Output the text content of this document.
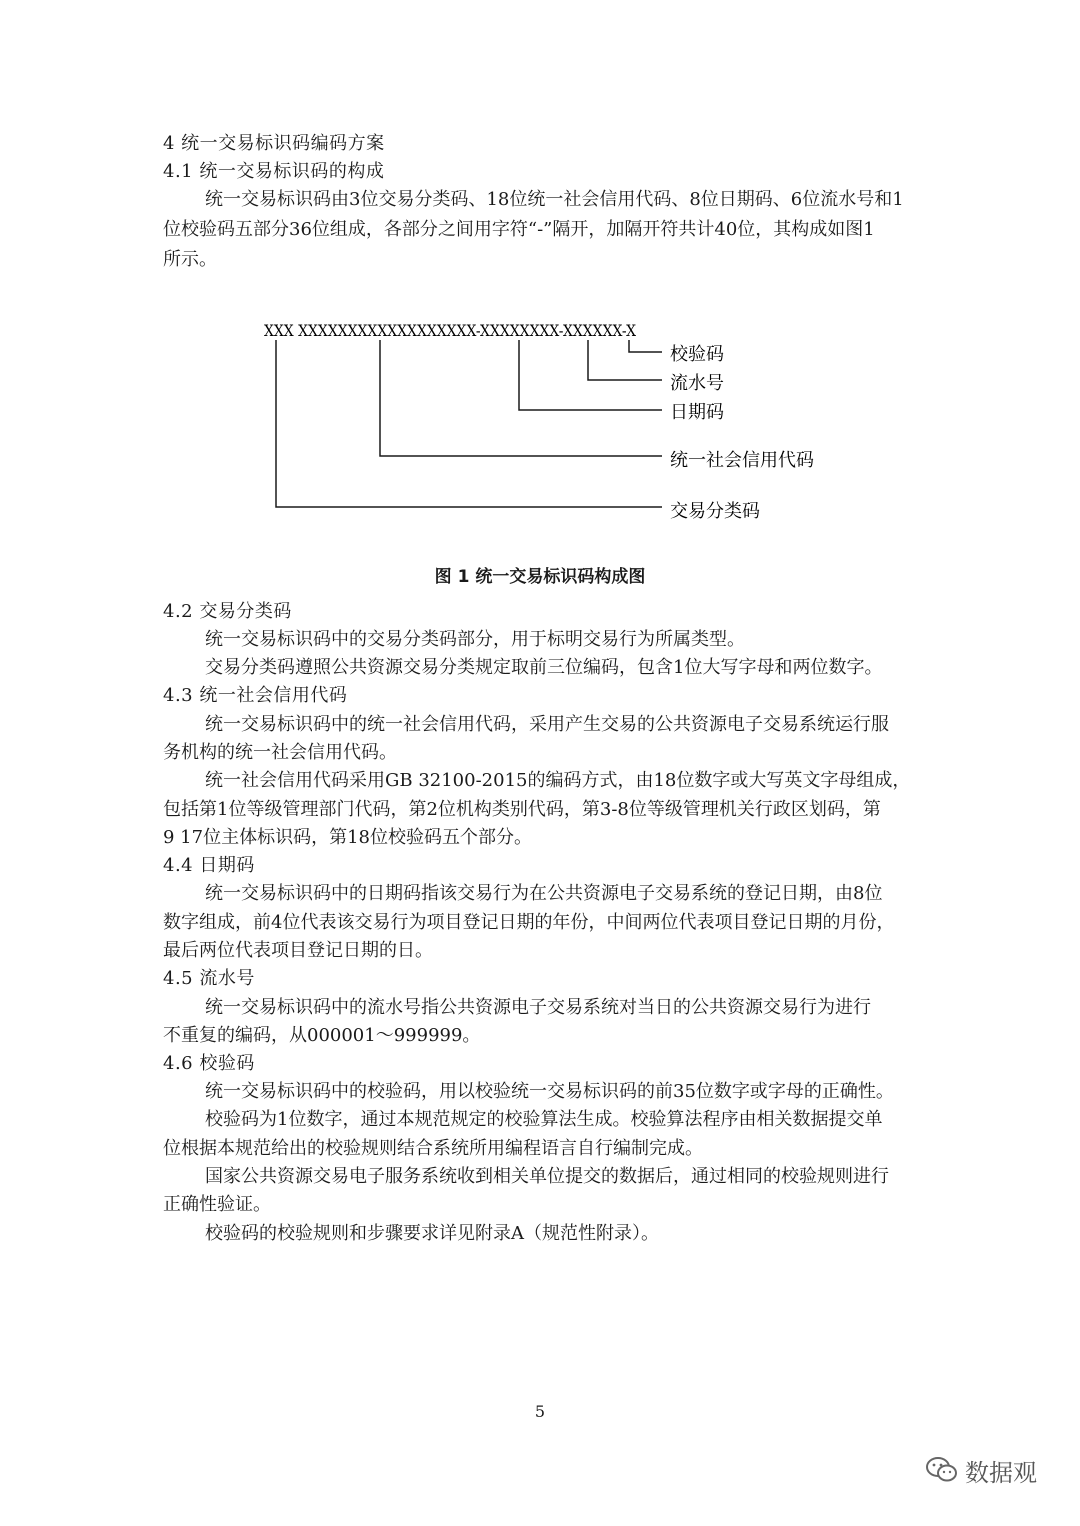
4 统一交易标识码编码方案
4.1 统一交易标识码的构成
统一交易标识码由3位交易分类码、18位统一社会信用代码、8位日期码、6位流水号和1
位校验码五部分36位组成，各部分之间用字符“-”隔开，加隔开符共计40位，其构成如图1
所示。
XXX XXXXXXXXXXXXXXXXXX-XXXXXXXX-XXXXXX-X
校验码
流水号
日期码
统一社会信用代码
交易分类码
图 1 统一交易标识码构成图
4.2 交易分类码
统一交易标识码中的交易分类码部分，用于标明交易行为所属类型。
交易分类码遵照公共资源交易分类规定取前三位编码，包含1位大写字母和两位数字。
4.3 统一社会信用代码
统一交易标识码中的统一社会信用代码，采用产生交易的公共资源电子交易系统运行服
务机构的统一社会信用代码。
统一社会信用代码采用GB 32100-2015的编码方式，由18位数字或大写英文字母组成，
包括第1位等级管理部门代码，第2位机构类别代码，第3-8位等级管理机关行政区划码，第
9 17位主体标识码，第18位校验码五个部分。
4.4 日期码
统一交易标识码中的日期码指该交易行为在公共资源电子交易系统的登记日期，由8位
数字组成，前4位代表该交易行为项目登记日期的年份，中间两位代表项目登记日期的月份，
最后两位代表项目登记日期的日。
4.5 流水号
统一交易标识码中的流水号指公共资源电子交易系统对当日的公共资源交易行为进行
不重复的编码，从000001～999999。
4.6 校验码
统一交易标识码中的校验码，用以校验统一交易标识码的前35位数字或字母的正确性。
校验码为1位数字，通过本规范规定的校验算法生成。校验算法程序由相关数据提交单
位根据本规范给出的校验规则结合系统所用编程语言自行编制完成。
国家公共资源交易电子服务系统收到相关单位提交的数据后，通过相同的校验规则进行
正确性验证。
校验码的校验规则和步骤要求详见附录A（规范性附录）。
5
数据观
